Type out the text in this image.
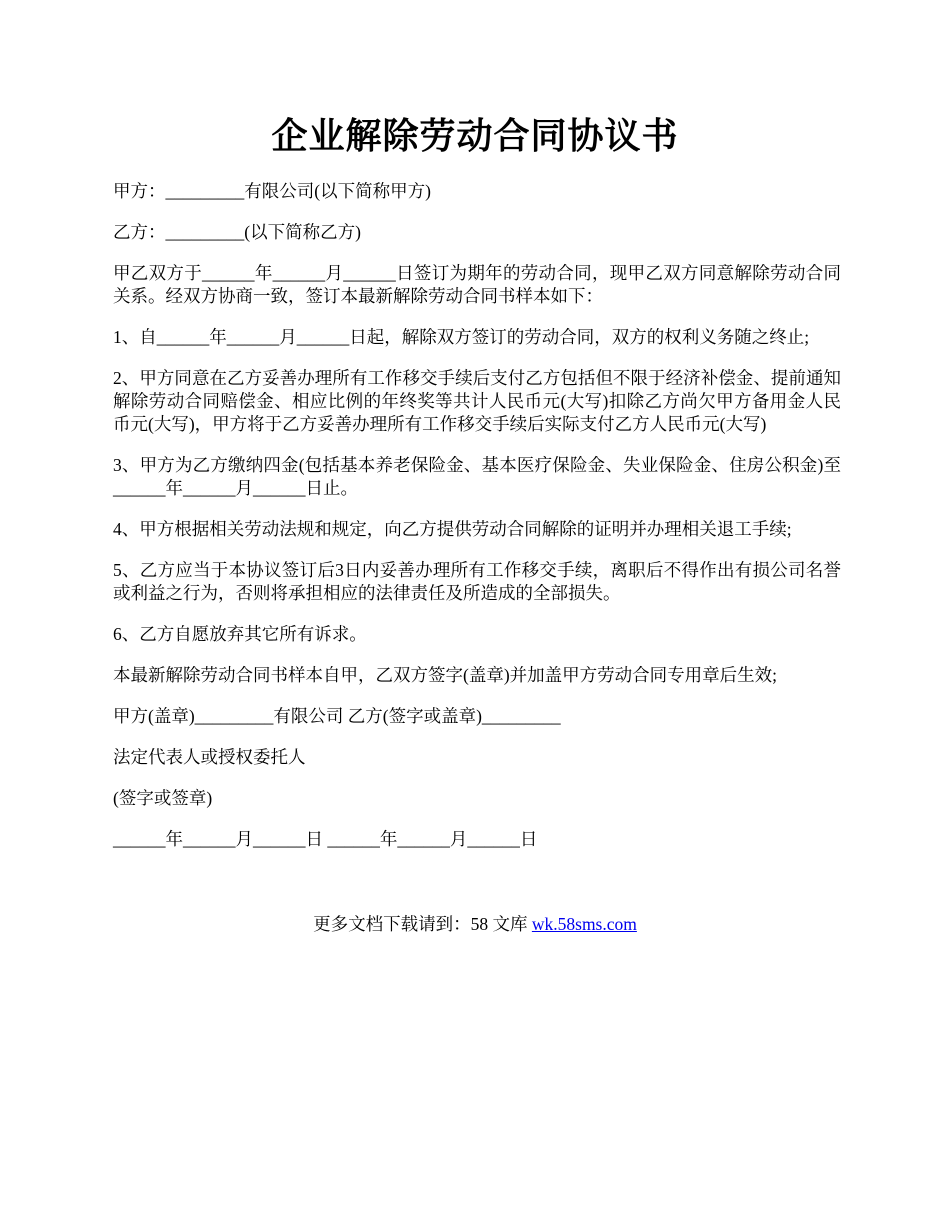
企业解除劳动合同协议书

甲方：_________有限公司(以下简称甲方)

乙方：_________(以下简称乙方)

甲乙双方于______年______月______日签订为期年的劳动合同，现甲乙双方同意解除劳动合同关系。经双方协商一致，签订本最新解除劳动合同书样本如下：

1、自______年______月______日起，解除双方签订的劳动合同，双方的权利义务随之终止;

2、甲方同意在乙方妥善办理所有工作移交手续后支付乙方包括但不限于经济补偿金、提前通知解除劳动合同赔偿金、相应比例的年终奖等共计人民币元(大写)扣除乙方尚欠甲方备用金人民币元(大写)，甲方将于乙方妥善办理所有工作移交手续后实际支付乙方人民币元(大写)

3、甲方为乙方缴纳四金(包括基本养老保险金、基本医疗保险金、失业保险金、住房公积金)至______年______月______日止。

4、甲方根据相关劳动法规和规定，向乙方提供劳动合同解除的证明并办理相关退工手续;

5、乙方应当于本协议签订后3日内妥善办理所有工作移交手续，离职后不得作出有损公司名誉或利益之行为，否则将承担相应的法律责任及所造成的全部损失。

6、乙方自愿放弃其它所有诉求。

本最新解除劳动合同书样本自甲，乙双方签字(盖章)并加盖甲方劳动合同专用章后生效;

甲方(盖章)_________有限公司 乙方(签字或盖章)_________

法定代表人或授权委托人

(签字或签章)

______年______月______日 ______年______月______日

更多文档下载请到：58 文库 wk.58sms.com
